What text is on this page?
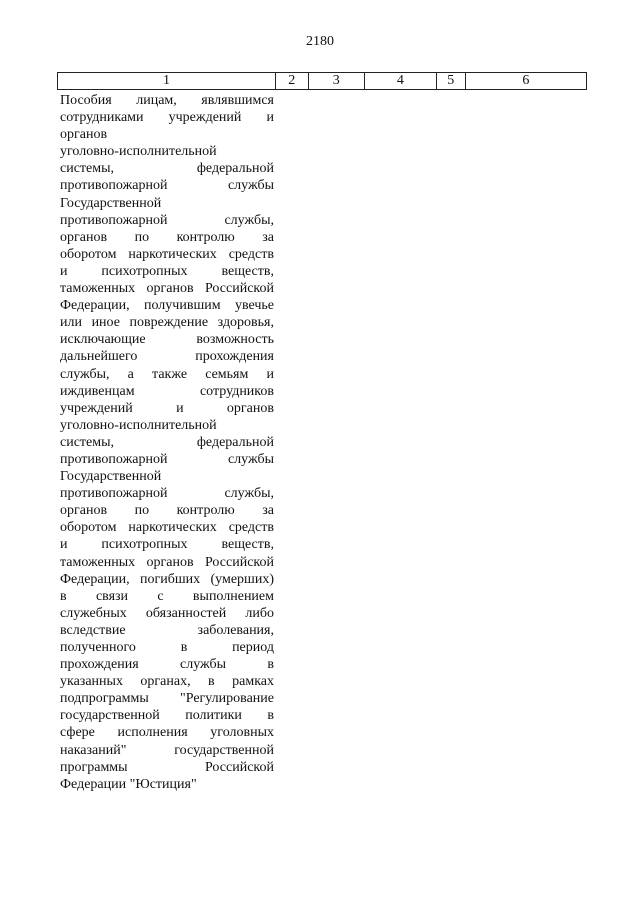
2180
1	2	3	4	5	6
Пособия лицам, являвшимся
сотрудниками учреждений и
органов
уголовно-исполнительной
системы, федеральной
противопожарной службы
Государственной
противопожарной службы,
органов по контролю за
оборотом наркотических средств
и психотропных веществ,
таможенных органов Российской
Федерации, получившим увечье
или иное повреждение здоровья,
исключающие возможность
дальнейшего прохождения
службы, а также семьям и
иждивенцам сотрудников
учреждений и органов
уголовно-исполнительной
системы, федеральной
противопожарной службы
Государственной
противопожарной службы,
органов по контролю за
оборотом наркотических средств
и психотропных веществ,
таможенных органов Российской
Федерации, погибших (умерших)
в связи с выполнением
служебных обязанностей либо
вследствие заболевания,
полученного в период
прохождения службы в
указанных органах, в рамках
подпрограммы "Регулирование
государственной политики в
сфере исполнения уголовных
наказаний" государственной
программы Российской
Федерации "Юстиция"
